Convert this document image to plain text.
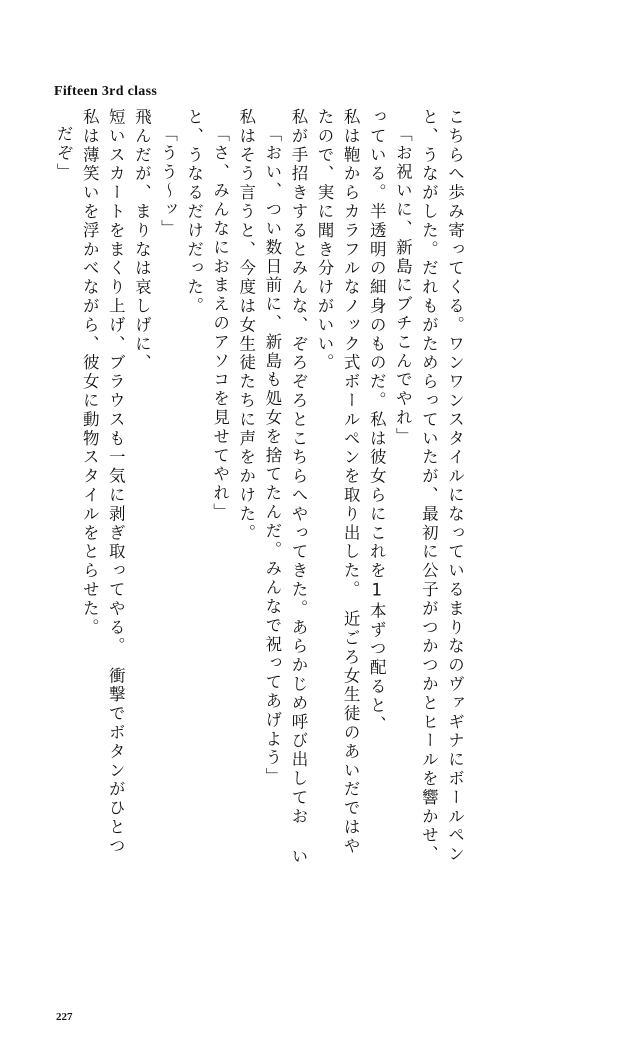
Fifteen 3rd class
だぞ」 私は薄笑いを浮かべながら、彼女に動物スタイルをとらせた。 短いスカートをまくり上げ、ブラウスも一気に剥ぎ取ってやる。　衝撃でボタンがひとつ 飛んだが、まりなは哀しげに、 「うう～ッ」 と、うなるだけだった。 「さ、みんなにおまえのアソコを見せてやれ」 私はそう言うと、今度は女生徒たちに声をかけた。 「おい、つい数日前に、新島も処女を捨てたんだ。みんなで祝ってあげよう」 私が手招きするとみんな、ぞろぞろとこちらへやってきた。あらかじめ呼び出してお い たので、実に聞き分けがいい。 私は鞄からカラフルなノック式ボールペンを取り出した。　近ごろ女生徒のあいだではや っている。半透明の細身のものだ。私は彼女らにこれを1本ずつ配ると、 「お祝いに、新島にブチこんでやれ」 と、うながした。だれもがためらっていたが、最初に公子がつかつかとヒールを響かせ、 こちらへ歩み寄ってくる。ワンワンスタイルになっているまりなのヴァギナにボールペン
227
